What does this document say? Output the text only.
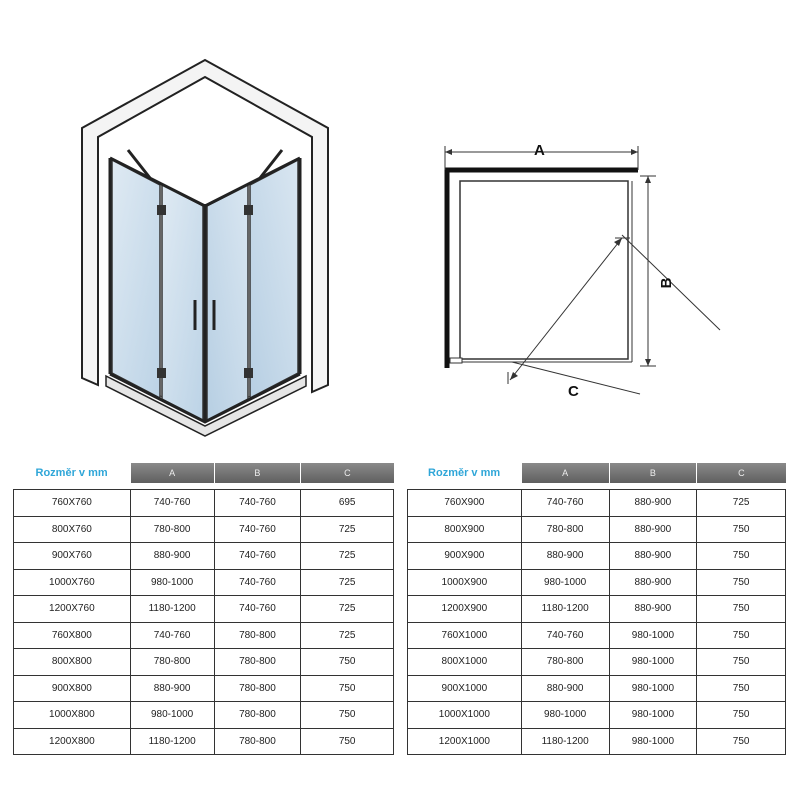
A
B
C
Rozměr v mm	A	B	C

760X760	740-760	740-760	695
800X760	780-800	740-760	725
900X760	880-900	740-760	725
1000X760	980-1000	740-760	725
1200X760	1180-1200	740-760	725
760X800	740-760	780-800	725
800X800	780-800	780-800	750
900X800	880-900	780-800	750
1000X800	980-1000	780-800	750
1200X800	1180-1200	780-800	750
Rozměr v mm	A	B	C

760X900	740-760	880-900	725
800X900	780-800	880-900	750
900X900	880-900	880-900	750
1000X900	980-1000	880-900	750
1200X900	1180-1200	880-900	750
760X1000	740-760	980-1000	750
800X1000	780-800	980-1000	750
900X1000	880-900	980-1000	750
1000X1000	980-1000	980-1000	750
1200X1000	1180-1200	980-1000	750
